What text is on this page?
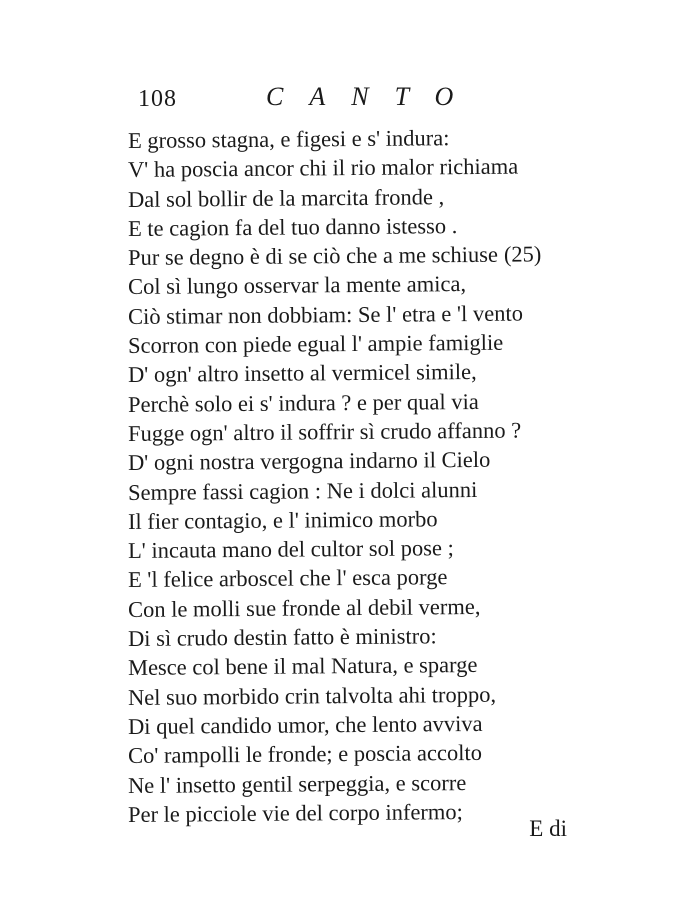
108	CANTO
E grosso stagna, e figesi e s' indura:
V' ha poscia ancor chi il rio malor richiama
Dal sol bollir de la marcita fronde ,
E te cagion fa del tuo danno istesso .
Pur se degno è di se ciò che a me schiuse (25)
Col sì lungo osservar la mente amica,
Ciò stimar non dobbiam: Se l' etra e 'l vento
Scorron con piede egual l' ampie famiglie
D' ogn' altro insetto al vermicel simile,
Perchè solo ei s' indura ? e per qual via
Fugge ogn' altro il soffrir sì crudo affanno ?
D' ogni nostra vergogna indarno il Cielo
Sempre fassi cagion : Ne i dolci alunni
Il fier contagio, e l' inimico morbo
L' incauta mano del cultor sol pose ;
E 'l felice arboscel che l' esca porge
Con le molli sue fronde al debil verme,
Di sì crudo destin fatto è ministro:
Mesce col bene il mal Natura, e sparge
Nel suo morbido crin talvolta ahi troppo,
Di quel candido umor, che lento avviva
Co' rampolli le fronde; e poscia accolto
Ne l' insetto gentil serpeggia, e scorre
Per le picciole vie del corpo infermo;
E di
